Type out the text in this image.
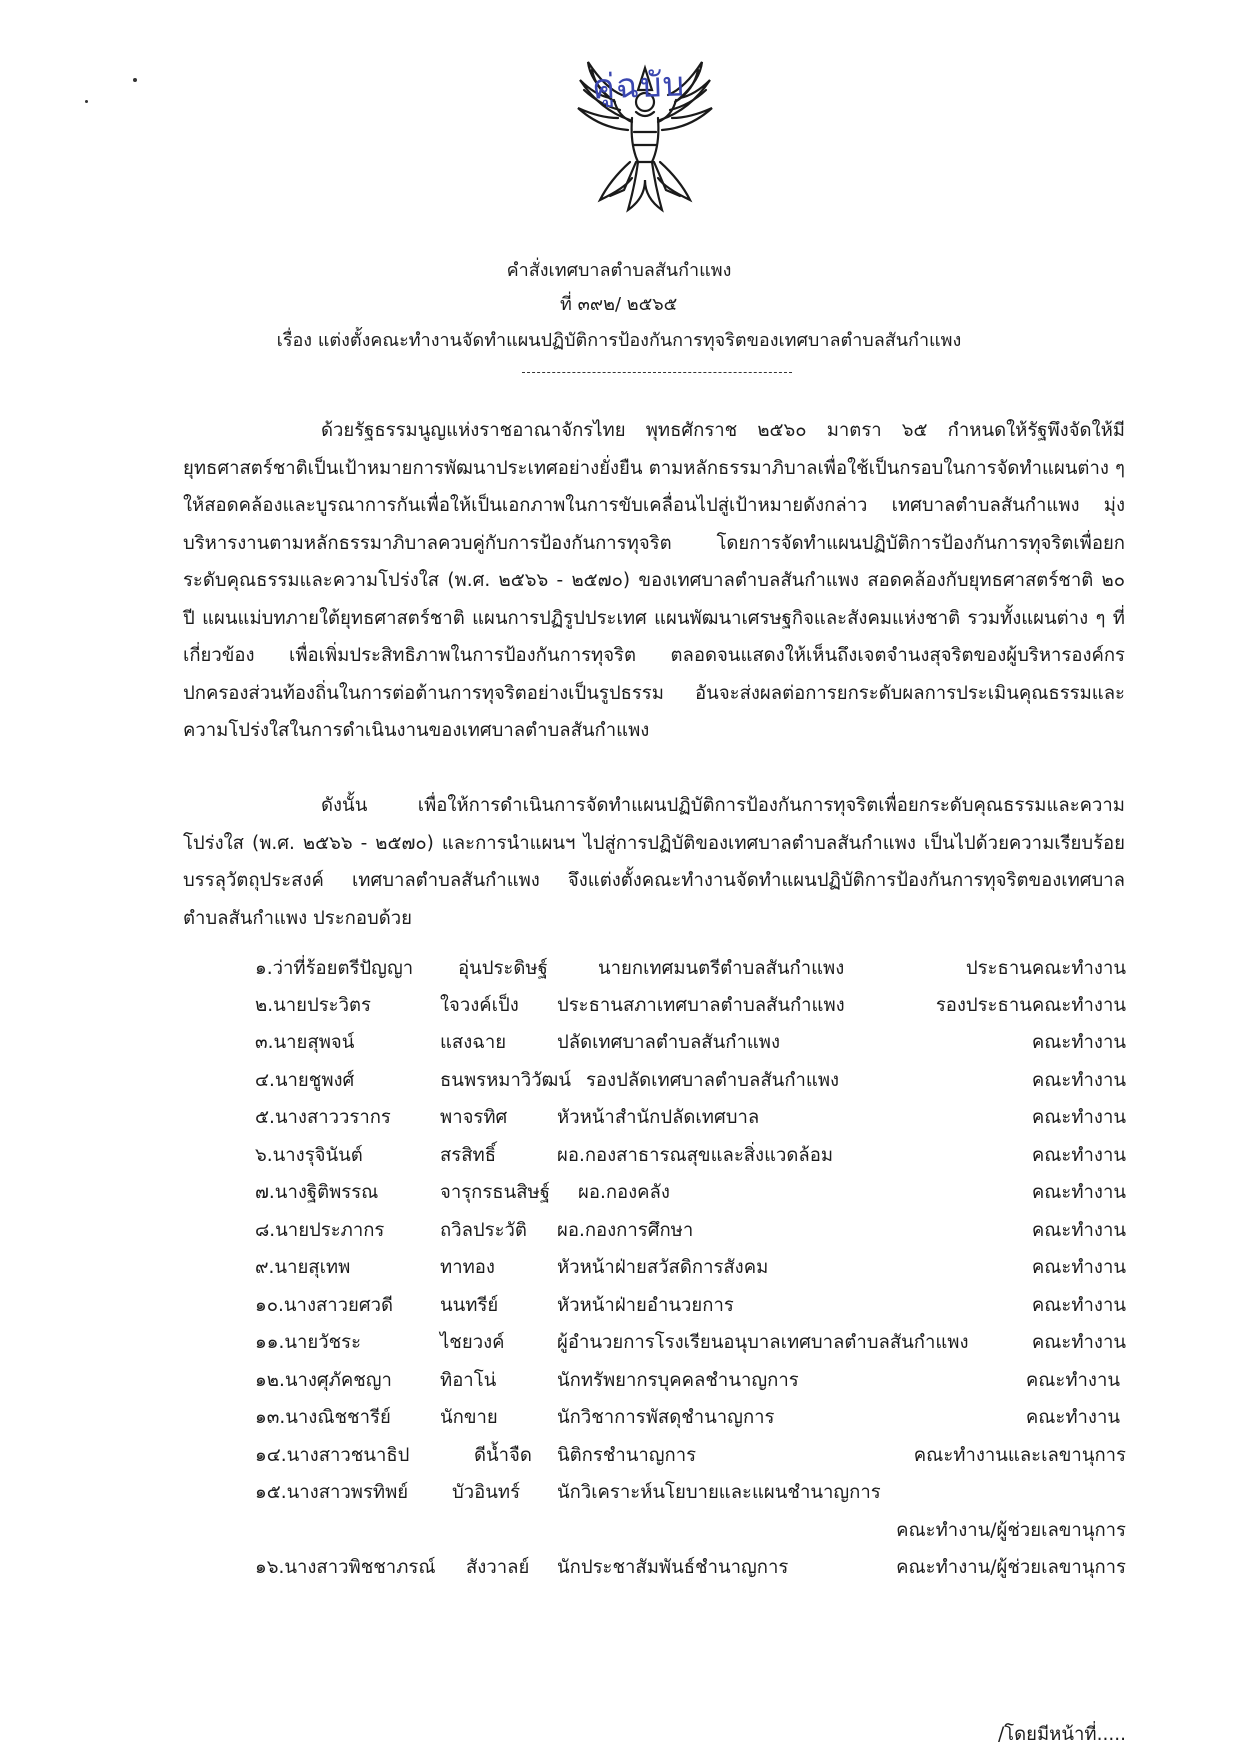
คู่ฉบับ
คำสั่งเทศบาลตำบลสันกำแพง
ที่ ๓๙๒/ ๒๕๖๕
เรื่อง แต่งตั้งคณะทำงานจัดทำแผนปฏิบัติการป้องกันการทุจริตของเทศบาลตำบลสันกำแพง
ด้วยรัฐธรรมนูญแห่งราชอาณาจักรไทย พุทธศักราช ๒๕๖๐ มาตรา ๖๕ กำหนดให้รัฐพึงจัดให้มียุทธศาสตร์ชาติเป็นเป้าหมายการพัฒนาประเทศอย่างยั่งยืน ตามหลักธรรมาภิบาลเพื่อใช้เป็นกรอบในการจัดทำแผนต่าง ๆ ให้สอดคล้องและบูรณาการกันเพื่อให้เป็นเอกภาพในการขับเคลื่อนไปสู่เป้าหมายดังกล่าว เทศบาลตำบลสันกำแพง มุ่งบริหารงานตามหลักธรรมาภิบาลควบคู่กับการป้องกันการทุจริต โดยการจัดทำแผนปฏิบัติการป้องกันการทุจริตเพื่อยกระดับคุณธรรมและความโปร่งใส (พ.ศ. ๒๕๖๖ - ๒๕๗๐) ของเทศบาลตำบลสันกำแพง สอดคล้องกับยุทธศาสตร์ชาติ ๒๐ ปี แผนแม่บทภายใต้ยุทธศาสตร์ชาติ แผนการปฏิรูปประเทศ แผนพัฒนาเศรษฐกิจและสังคมแห่งชาติ รวมทั้งแผนต่าง ๆ ที่เกี่ยวข้อง เพื่อเพิ่มประสิทธิภาพในการป้องกันการทุจริต ตลอดจนแสดงให้เห็นถึงเจตจำนงสุจริตของผู้บริหารองค์กรปกครองส่วนท้องถิ่นในการต่อต้านการทุจริตอย่างเป็นรูปธรรม อันจะส่งผลต่อการยกระดับผลการประเมินคุณธรรมและความโปร่งใสในการดำเนินงานของเทศบาลตำบลสันกำแพง
ดังนั้น เพื่อให้การดำเนินการจัดทำแผนปฏิบัติการป้องกันการทุจริตเพื่อยกระดับคุณธรรมและความโปร่งใส (พ.ศ. ๒๕๖๖ - ๒๕๗๐) และการนำแผนฯ ไปสู่การปฏิบัติของเทศบาลตำบลสันกำแพง เป็นไปด้วยความเรียบร้อยบรรลุวัตถุประสงค์ เทศบาลตำบลสันกำแพง จึงแต่งตั้งคณะทำงานจัดทำแผนปฏิบัติการป้องกันการทุจริตของเทศบาลตำบลสันกำแพง ประกอบด้วย
๑.ว่าที่ร้อยตรีปัญญา อุ่นประดิษฐ์	นายกเทศมนตรีตำบลสันกำแพง	ประธานคณะทำงาน
๒.นายประวิตร	ใจวงค์เป็ง ประธานสภาเทศบาลตำบลสันกำแพง	รองประธานคณะทำงาน
๓.นายสุพจน์	แสงฉาย	ปลัดเทศบาลตำบลสันกำแพง	คณะทำงาน
๔.นายชูพงศ์	ธนพรหมาวิวัฒน์ รองปลัดเทศบาลตำบลสันกำแพง	คณะทำงาน
๕.นางสาววรากร	พาจรทิศ	หัวหน้าสำนักปลัดเทศบาล	คณะทำงาน
๖.นางรุจินันต์	สรสิทธิ์	ผอ.กองสาธารณสุขและสิ่งแวดล้อม	คณะทำงาน
๗.นางฐิติพรรณ	จารุกรธนสิษฐ์ ผอ.กองคลัง	คณะทำงาน
๘.นายประภากร	ถวิลประวัติ ผอ.กองการศึกษา	คณะทำงาน
๙.นายสุเทพ	ทาทอง	หัวหน้าฝ่ายสวัสดิการสังคม	คณะทำงาน
๑๐.นางสาวยศวดี	นนทรีย์	หัวหน้าฝ่ายอำนวยการ	คณะทำงาน
๑๑.นายวัชระ	ไชยวงค์	ผู้อำนวยการโรงเรียนอนุบาลเทศบาลตำบลสันกำแพง	คณะทำงาน
๑๒.นางศุภัคชญา	ทิอาโน่	นักทรัพยากรบุคคลชำนาญการ	คณะทำงาน
๑๓.นางณิชชารีย์	นักขาย	นักวิชาการพัสดุชำนาญการ	คณะทำงาน
๑๔.นางสาวชนาธิป	ดีน้ำจืด นิติกรชำนาญการ	คณะทำงานและเลขานุการ
๑๕.นางสาวพรทิพย์ บัวอินทร์ นักวิเคราะห์นโยบายและแผนชำนาญการ
คณะทำงาน/ผู้ช่วยเลขานุการ
๑๖.นางสาวพิชชาภรณ์ สังวาลย์ นักประชาสัมพันธ์ชำนาญการ	คณะทำงาน/ผู้ช่วยเลขานุการ
/โดยมีหน้าที่.....
